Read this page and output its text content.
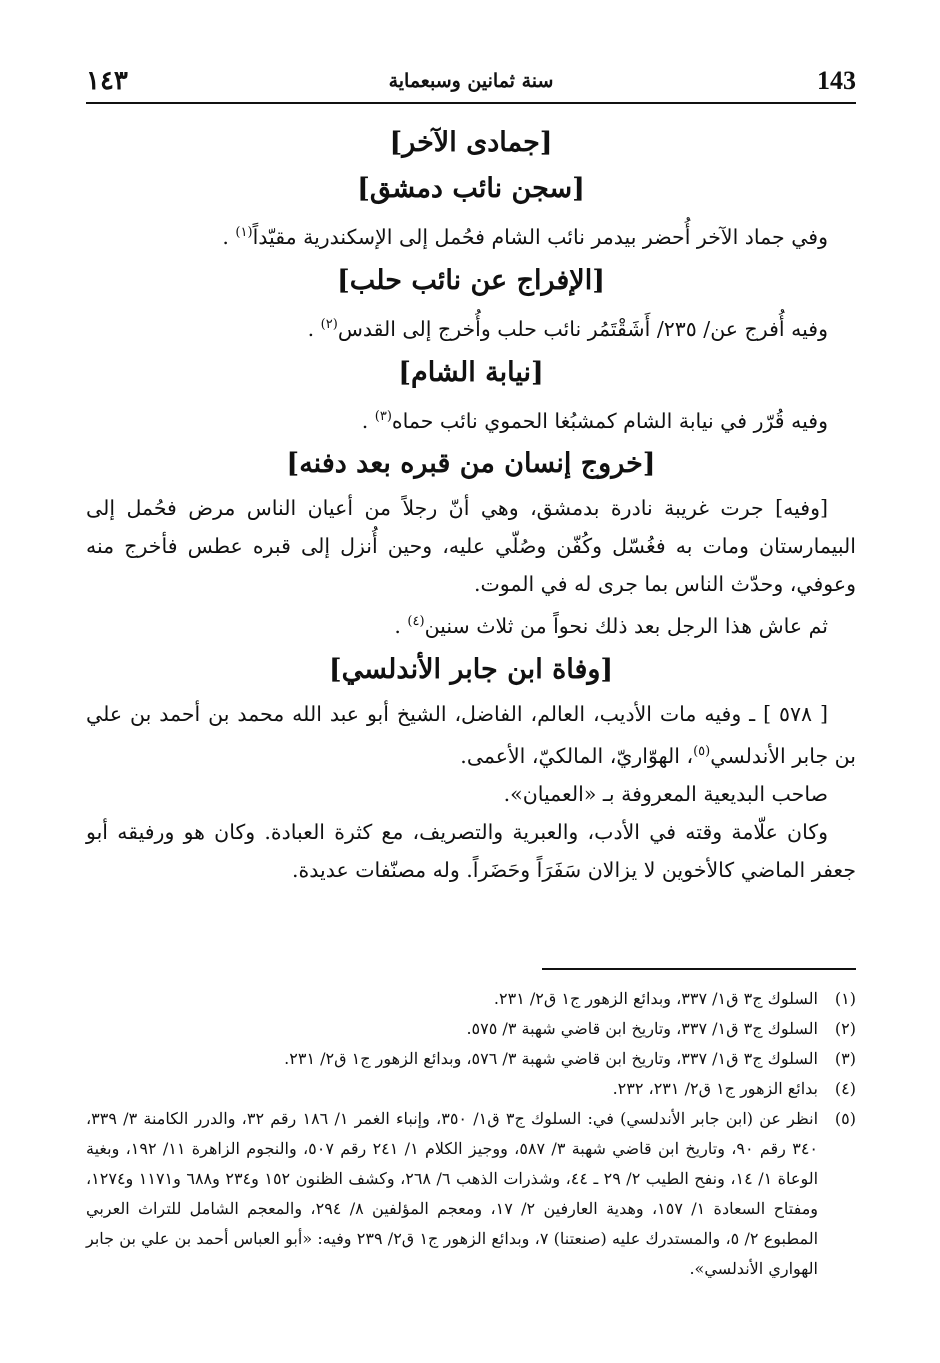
143
سنة ثمانين وسبعماية
١٤٣
[جمادى الآخر]
[سجن نائب دمشق]

وفي جماد الآخر أُحضر بيدمر نائب الشام فحُمل إلى الإسكندرية مقيّداً$^{(١)}$ .

[الإفراج عن نائب حلب]

وفيه أُفرج عن/ ٢٣٥/ أَشَقْتَمُر نائب حلب وأُخرج إلى القدس$^{(٢)}$ .

[نيابة الشام]

وفيه قُرّر في نيابة الشام كمشبُغا الحموي نائب حماه$^{(٣)}$ .

[خروج إنسان من قبره بعد دفنه]

[وفيه] جرت غريبة نادرة بدمشق، وهي أنّ رجلاً من أعيان الناس مرض فحُمل إلى البيمارستان ومات به فغُسّل وكُفّن وصُلّي عليه، وحين أُنزل إلى قبره عطس فأخرج منه وعوفي، وحدّث الناس بما جرى له في الموت.

ثم عاش هذا الرجل بعد ذلك نحواً من ثلاث سنين$^{(٤)}$ .

[وفاة ابن جابر الأندلسي]

[ ٥٧٨ ] ـ وفيه مات الأديب، العالم، الفاضل، الشيخ أبو عبد الله محمد بن أحمد بن علي بن جابر الأندلسي$^{(٥)}$، الهوّاريّ، المالكيّ، الأعمى.

صاحب البديعية المعروفة بـ «العميان».

وكان علّامة وقته في الأدب، والعبرية والتصريف، مع كثرة العبادة. وكان هو ورفيقه أبو جعفر الماضي كالأخوين لا يزالان سَفَرَاً وحَضَراً. وله مصنّفات عديدة.

(١)
السلوك ج٣ ق١/ ٣٣٧، وبدائع الزهور ج١ ق٢/ ٢٣١.
(٢)
السلوك ج٣ ق١/ ٣٣٧، وتاريخ ابن قاضي شهبة ٣/ ٥٧٥.
(٣)
السلوك ج٣ ق١/ ٣٣٧، وتاريخ ابن قاضي شهبة ٣/ ٥٧٦، وبدائع الزهور ج١ ق٢/ ٢٣١.
(٤)
بدائع الزهور ج١ ق٢/ ٢٣١، ٢٣٢.
(٥)
انظر عن (ابن جابر الأندلسي) في: السلوك ج٣ ق١/ ٣٥٠، وإنباء الغمر ١/ ١٨٦ رقم ٣٢، والدرر الكامنة ٣/ ٣٣٩، ٣٤٠ رقم ٩٠، وتاريخ ابن قاضي شهبة ٣/ ٥٨٧، ووجيز الكلام ١/ ٢٤١ رقم ٥٠٧، والنجوم الزاهرة ١١/ ١٩٢، وبغية الوعاة ١/ ١٤، ونفح الطيب ٢/ ٢٩ ـ ٤٤، وشذرات الذهب ٦/ ٢٦٨، وكشف الظنون ١٥٢ و٢٣٤ و٦٨٨ و١١٧١ و١٢٧٤، ومفتاح السعادة ١/ ١٥٧، وهدية العارفين ٢/ ١٧، ومعجم المؤلفين ٨/ ٢٩٤، والمعجم الشامل للتراث العربي المطبوع ٢/ ٥، والمستدرك عليه (صنعتنا) ٧، وبدائع الزهور ج١ ق٢/ ٢٣٩ وفيه: «أبو العباس أحمد بن علي بن جابر الهواري الأندلسي».
